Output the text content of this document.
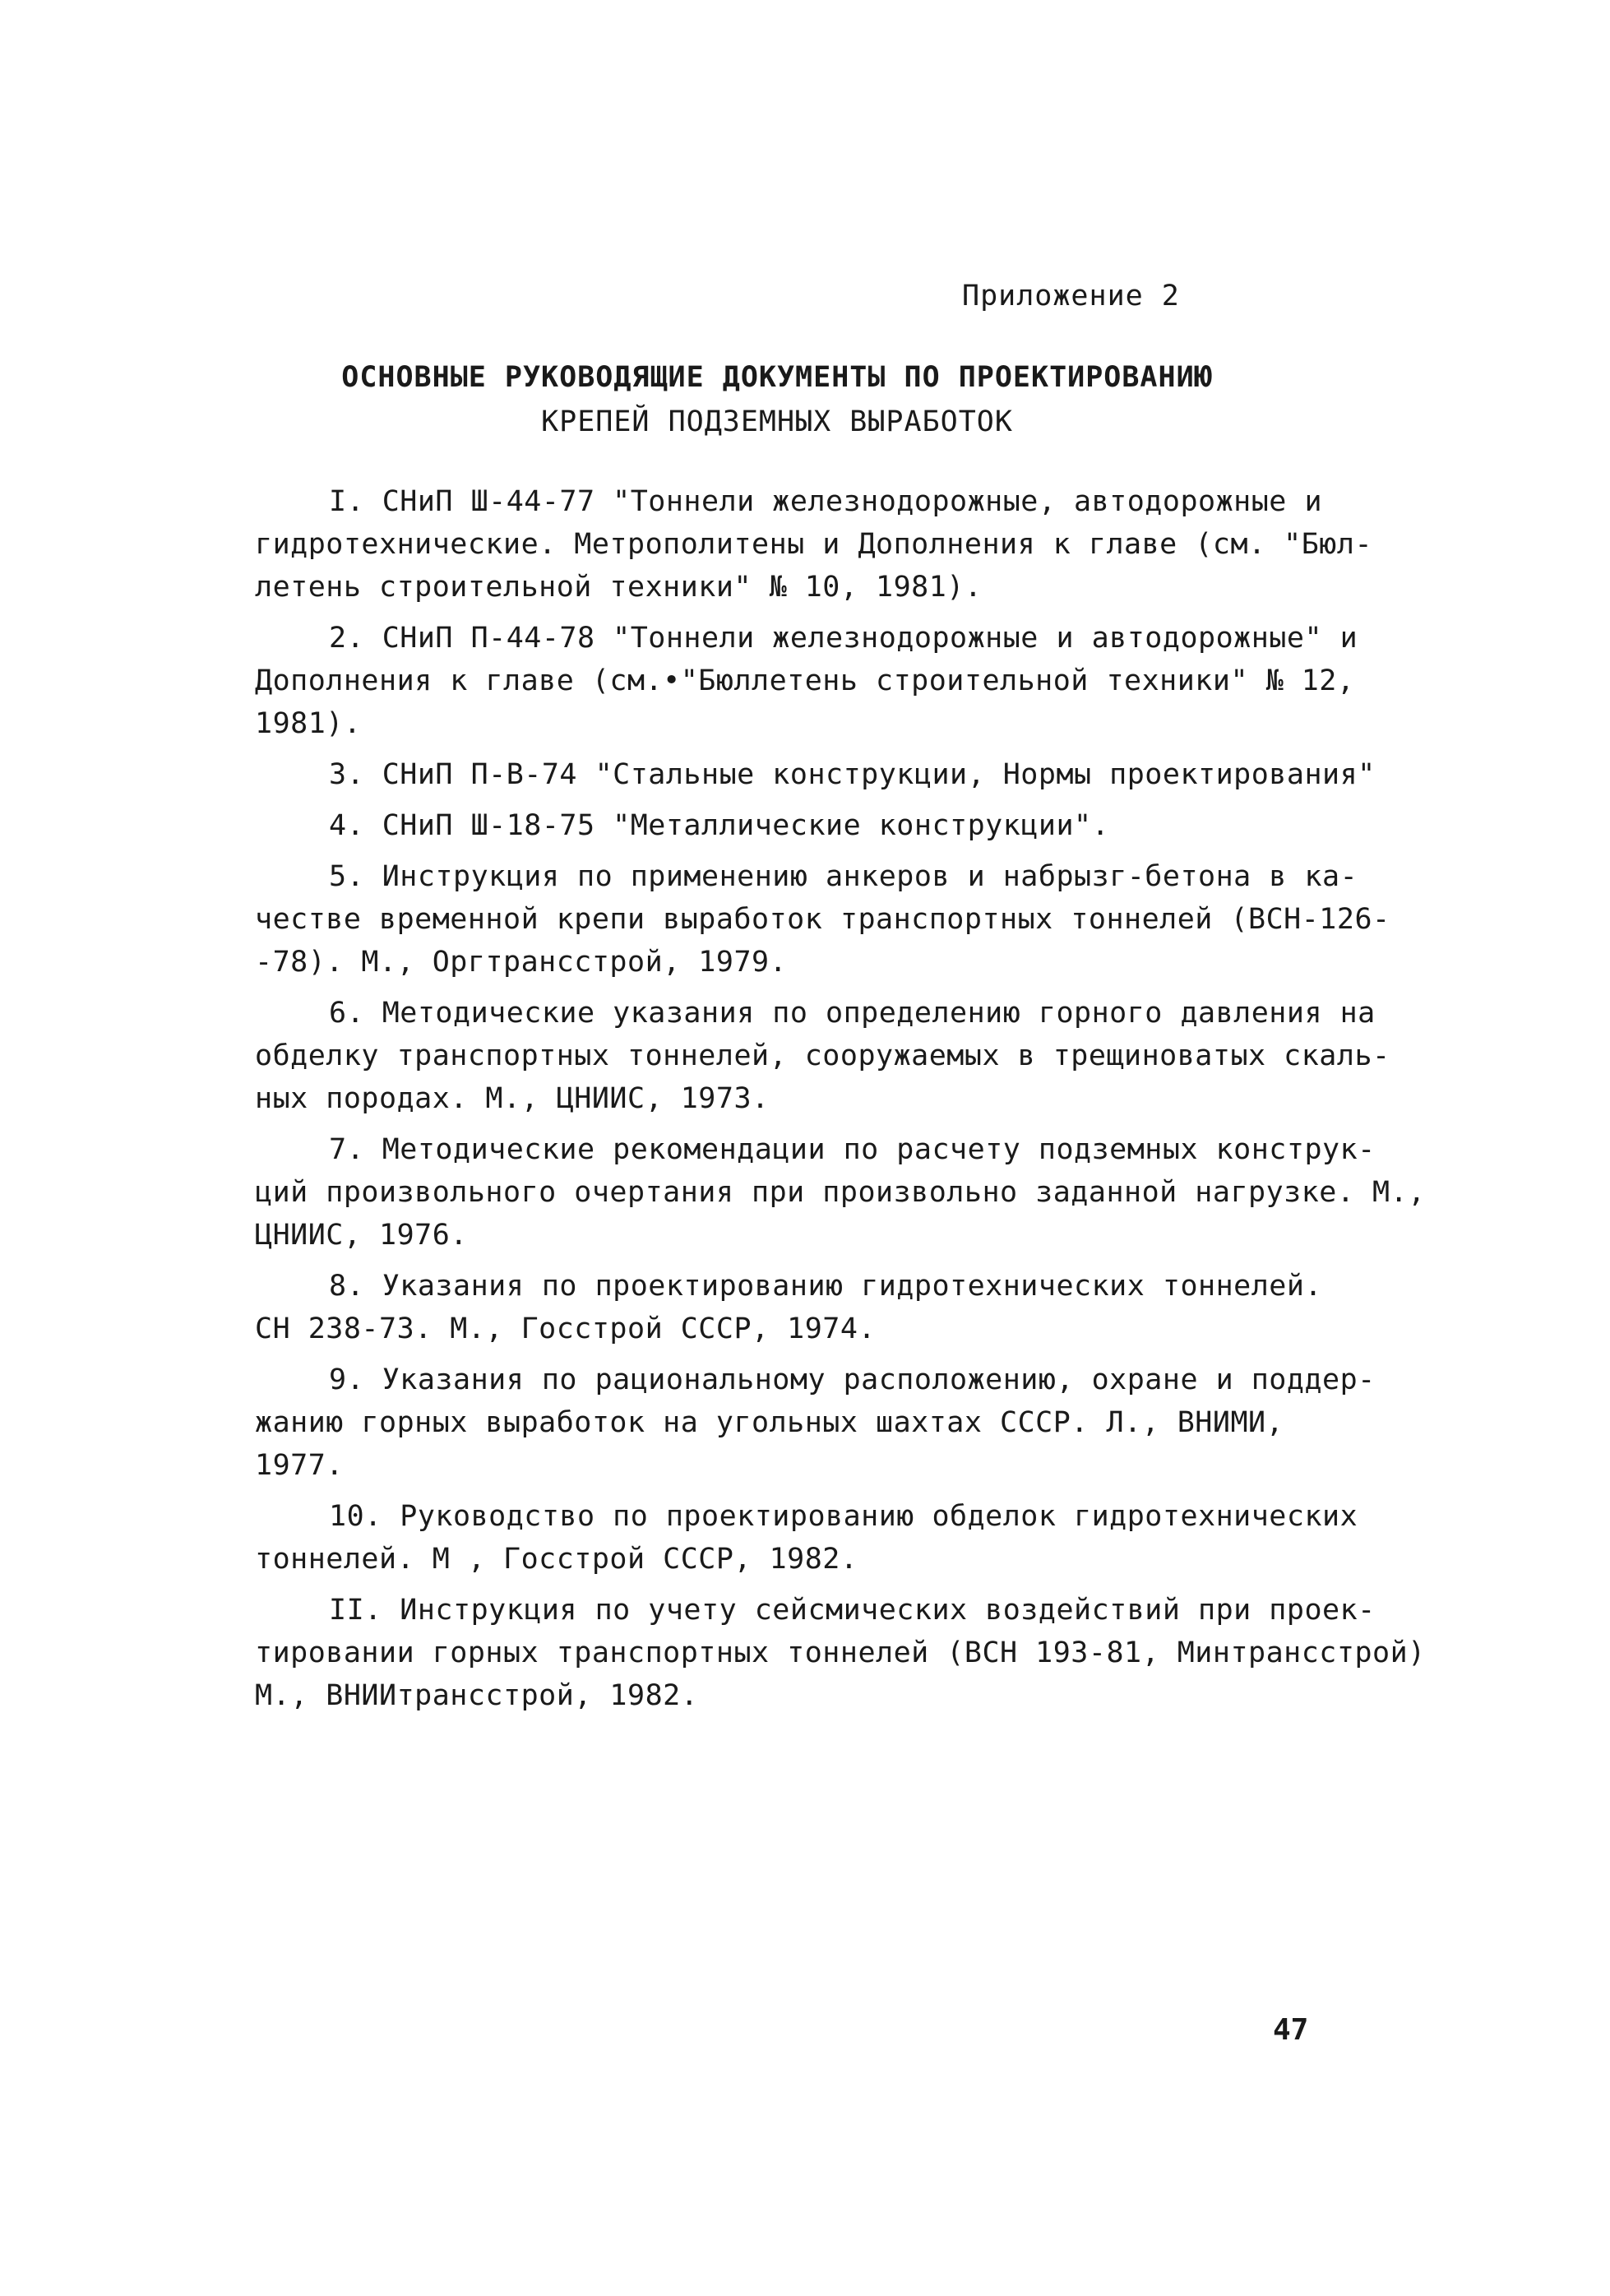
Приложение 2
ОСНОВНЫЕ РУКОВОДЯЩИЕ ДОКУМЕНТЫ ПО ПРОЕКТИРОВАНИЮ
КРЕПЕЙ ПОДЗЕМНЫХ ВЫРАБОТОК
I. СНиП Ш-44-77 "Тоннели железнодорожные, автодорожные и
гидротехнические. Метрополитены и Дополнения к главе (см. "Бюл-
летень строительной техники" № 10, 1981).
2. СНиП П-44-78 "Тоннели железнодорожные и автодорожные" и
Дополнения к главе (см.•"Бюллетень строительной техники" № 12,
1981).
3. СНиП П-В-74 "Стальные конструкции, Нормы проектирования"
4. СНиП Ш-18-75 "Металлические конструкции".
5. Инструкция по применению анкеров и набрызг-бетона в ка-
честве временной крепи выработок транспортных тоннелей (ВСН-126-
-78). М., Оргтрансстрой, 1979.
6. Методические указания по определению горного давления на
обделку транспортных тоннелей, сооружаемых в трещиноватых скаль-
ных породах. М., ЦНИИС, 1973.
7. Методические рекомендации по расчету подземных конструк-
ций произвольного очертания при произвольно заданной нагрузке. М.,
ЦНИИС, 1976.
8. Указания по проектированию гидротехнических тоннелей.
СН 238-73. М., Госстрой СССР, 1974.
9. Указания по рациональному расположению, охране и поддер-
жанию горных выработок на угольных шахтах СССР. Л., ВНИМИ,
1977.
10. Руководство по проектированию обделок гидротехнических
тоннелей. М , Госстрой СССР, 1982.
II. Инструкция по учету сейсмических воздействий при проек-
тировании горных транспортных тоннелей (ВСН 193-81, Минтрансстрой)
М., ВНИИтрансстрой, 1982.
47
